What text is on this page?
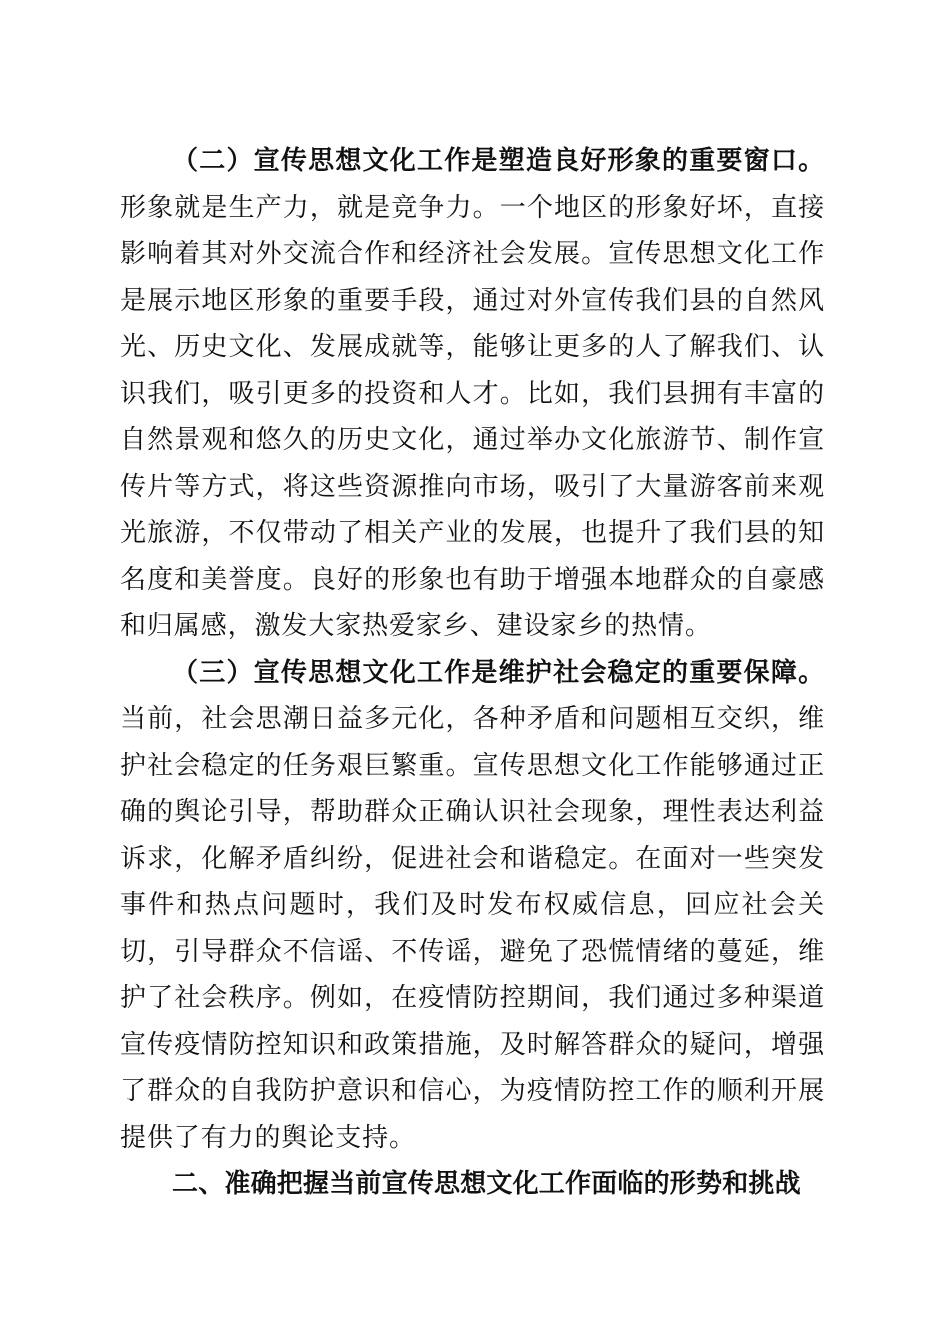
（二）宣传思想文化工作是塑造良好形象的重要窗口。形象就是生产力，就是竞争力。一个地区的形象好坏，直接影响着其对外交流合作和经济社会发展。宣传思想文化工作是展示地区形象的重要手段，通过对外宣传我们县的自然风光、历史文化、发展成就等，能够让更多的人了解我们、认识我们，吸引更多的投资和人才。比如，我们县拥有丰富的自然景观和悠久的历史文化，通过举办文化旅游节、制作宣传片等方式，将这些资源推向市场，吸引了大量游客前来观光旅游，不仅带动了相关产业的发展，也提升了我们县的知名度和美誉度。良好的形象也有助于增强本地群众的自豪感和归属感，激发大家热爱家乡、建设家乡的热情。

（三）宣传思想文化工作是维护社会稳定的重要保障。当前，社会思潮日益多元化，各种矛盾和问题相互交织，维护社会稳定的任务艰巨繁重。宣传思想文化工作能够通过正确的舆论引导，帮助群众正确认识社会现象，理性表达利益诉求，化解矛盾纠纷，促进社会和谐稳定。在面对一些突发事件和热点问题时，我们及时发布权威信息，回应社会关切，引导群众不信谣、不传谣，避免了恐慌情绪的蔓延，维护了社会秩序。例如，在疫情防控期间，我们通过多种渠道宣传疫情防控知识和政策措施，及时解答群众的疑问，增强了群众的自我防护意识和信心，为疫情防控工作的顺利开展提供了有力的舆论支持。

二、准确把握当前宣传思想文化工作面临的形势和挑战
